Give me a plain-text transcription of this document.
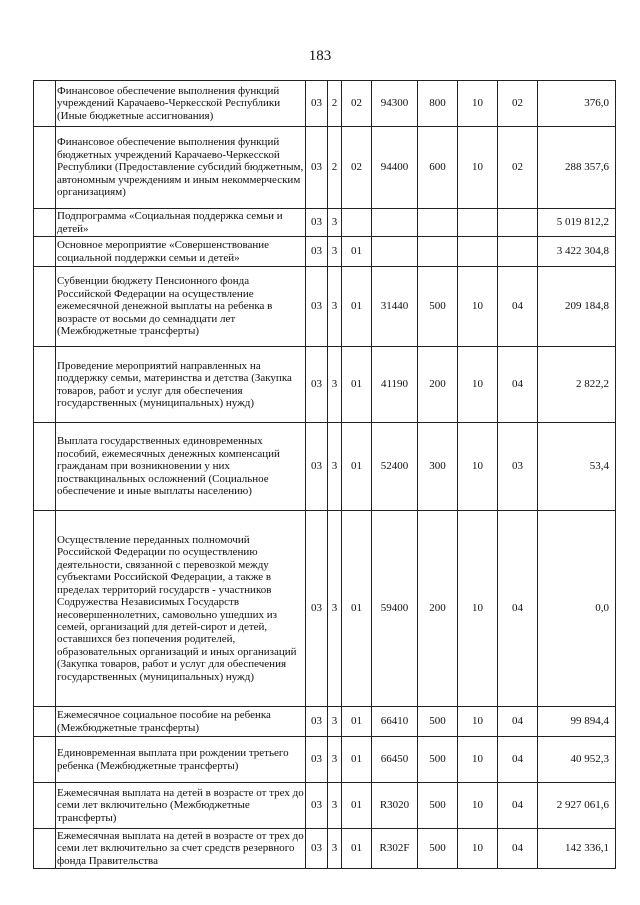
183
	Финансовое обеспечение выполнения функций учреждений Карачаево-Черкесской Республики (Иные бюджетные ассигнования)	03	2	02	94300	800	10	02	376,0
	Финансовое обеспечение выполнения функций бюджетных учреждений Карачаево-Черкесской Республики (Предоставление субсидий бюджетным, автономным учреждениям и иным некоммерческим организациям)	03	2	02	94400	600	10	02	288 357,6
	Подпрограмма «Социальная поддержка семьи и детей»	03	3						5 019 812,2
	Основное мероприятие «Совершенствование социальной поддержки семьи и детей»	03	3	01					3 422 304,8
	Субвенции бюджету Пенсионного фонда Российской Федерации на осуществление ежемесячной денежной выплаты на ребенка в возрасте от восьми до семнадцати лет (Межбюджетные трансферты)	03	3	01	31440	500	10	04	209 184,8
	Проведение мероприятий направленных на поддержку семьи, материнства и детства (Закупка товаров, работ и услуг для обеспечения государственных (муниципальных) нужд)	03	3	01	41190	200	10	04	2 822,2
	Выплата государственных единовременных пособий, ежемесячных денежных компенсаций гражданам при возникновении у них поствакцинальных осложнений (Социальное обеспечение и иные выплаты населению)	03	3	01	52400	300	10	03	53,4
	Осуществление переданных полномочий Российской Федерации по осуществлению деятельности, связанной с перевозкой между субъектами Российской Федерации, а также в пределах территорий государств - участников Содружества Независимых Государств несовершеннолетних, самовольно ушедших из семей, организаций для детей-сирот и детей, оставшихся без попечения родителей, образовательных организаций и иных организаций (Закупка товаров, работ и услуг для обеспечения государственных (муниципальных) нужд)	03	3	01	59400	200	10	04	0,0
	Ежемесячное социальное пособие на ребенка (Межбюджетные трансферты)	03	3	01	66410	500	10	04	99 894,4
	Единовременная выплата при рождении третьего ребенка (Межбюджетные трансферты)	03	3	01	66450	500	10	04	40 952,3
	Ежемесячная выплата на детей в возрасте от трех до семи лет включительно (Межбюджетные трансферты)	03	3	01	R3020	500	10	04	2 927 061,6
	Ежемесячная выплата на детей в возрасте от трех до семи лет включительно за счет средств резервного фонда Правительства	03	3	01	R302F	500	10	04	142 336,1
